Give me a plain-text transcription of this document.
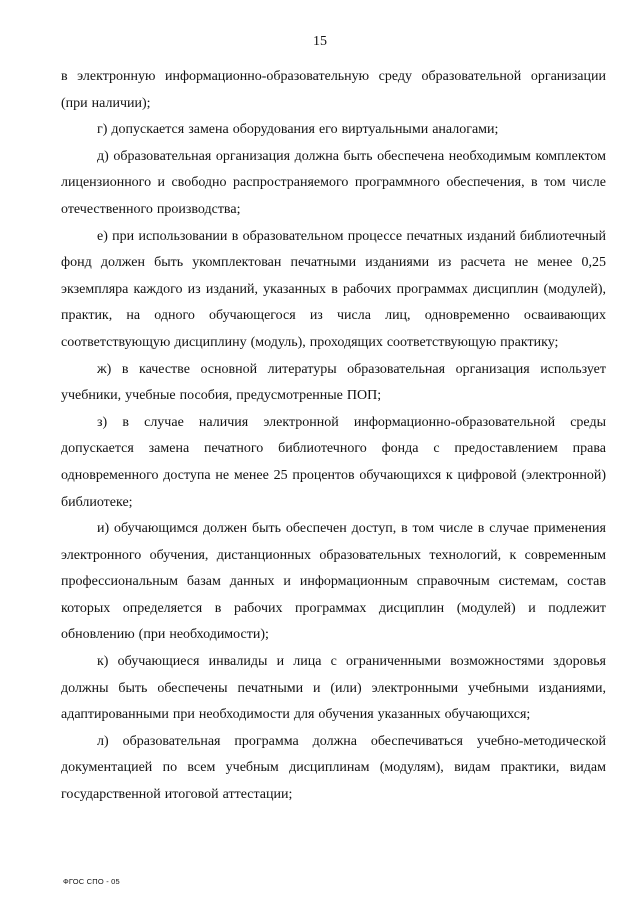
15

в электронную информационно-образовательную среду образовательной организации (при наличии);

г) допускается замена оборудования его виртуальными аналогами;

д) образовательная организация должна быть обеспечена необходимым комплектом лицензионного и свободно распространяемого программного обеспечения, в том числе отечественного производства;

е) при использовании в образовательном процессе печатных изданий библиотечный фонд должен быть укомплектован печатными изданиями из расчета не менее 0,25 экземпляра каждого из изданий, указанных в рабочих программах дисциплин (модулей), практик, на одного обучающегося из числа лиц, одновременно осваивающих соответствующую дисциплину (модуль), проходящих соответствующую практику;

ж) в качестве основной литературы образовательная организация использует учебники, учебные пособия, предусмотренные ПОП;

з) в случае наличия электронной информационно-образовательной среды допускается замена печатного библиотечного фонда с предоставлением права одновременного доступа не менее 25 процентов обучающихся к цифровой (электронной) библиотеке;

и) обучающимся должен быть обеспечен доступ, в том числе в случае применения электронного обучения, дистанционных образовательных технологий, к современным профессиональным базам данных и информационным справочным системам, состав которых определяется в рабочих программах дисциплин (модулей) и подлежит обновлению (при необходимости);

к) обучающиеся инвалиды и лица с ограниченными возможностями здоровья должны быть обеспечены печатными и (или) электронными учебными изданиями, адаптированными при необходимости для обучения указанных обучающихся;

л) образовательная программа должна обеспечиваться учебно-методической документацией по всем учебным дисциплинам (модулям), видам практики, видам государственной итоговой аттестации;

ФГОС СПО - 05
